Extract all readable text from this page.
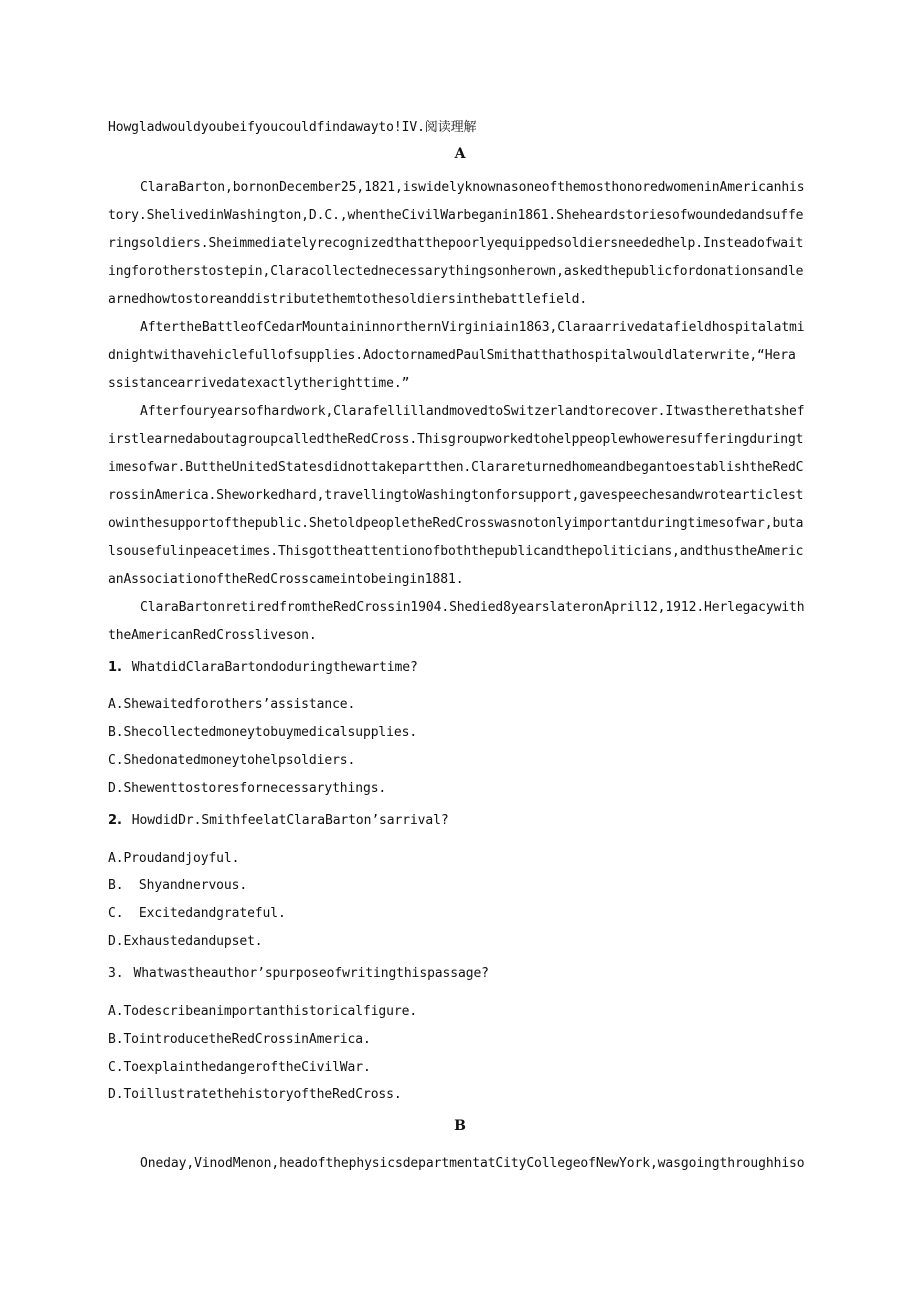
Howgladwouldyoubeifyoucouldfindawayto!IV.阅读理解
A
ClaraBarton,bornonDecember25,1821,iswidelyknownasoneofthemosthonoredwomeninAmericanhis
tory.ShelivedinWashington,D.C.,whentheCivilWarbeganin1861.Sheheardstoriesofwoundedandsuffe
ringsoldiers.Sheimmediatelyrecognizedthatthepoorlyequippedsoldiersneededhelp.Insteadofwait
ingforotherstostepin,Claracollectednecessarythingsonherown,askedthepublicfordonationsandle
arnedhowtostoreanddistributethemtothesoldiersinthebattlefield.
AftertheBattleofCedarMountaininnorthernVirginiain1863,Claraarrivedatafieldhospitalatmi
dnightwithavehiclefullofsupplies.AdoctornamedPaulSmithatthathospitalwouldlaterwrite,“Hera
ssistancearrivedatexactlytherighttime.”
Afterfouryearsofhardwork,ClarafellillandmovedtoSwitzerlandtorecover.Itwastherethatshef
irstlearnedaboutagroupcalledtheRedCross.Thisgroupworkedtohelppeoplewhoweresufferingduringt
imesofwar.ButtheUnitedStatesdidnottakepartthen.ClarareturnedhomeandbegantoestablishtheRedC
rossinAmerica.Sheworkedhard,travellingtoWashingtonforsupport,gavespeechesandwrotearticlest
owinthesupportofthepublic.ShetoldpeopletheRedCrosswasnotonlyimportantduringtimesofwar,buta
lsousefulinpeacetimes.Thisgottheattentionofboththepublicandthepoliticians,andthustheAmeric
anAssociationoftheRedCrosscameintobeingin1881.
ClaraBartonretiredfromtheRedCrossin1904.Shedied8yearslateronApril12,1912.Herlegacywith
theAmericanRedCrossliveson.
1. WhatdidClaraBartondoduringthewartime?
A.Shewaitedforothers’assistance.
B.Shecollectedmoneytobuymedicalsupplies.
C.Shedonatedmoneytohelpsoldiers.
D.Shewenttostoresfornecessarythings.
2. HowdidDr.SmithfeelatClaraBarton’sarrival?
A.Proudandjoyful.
B.  Shyandnervous.
C.  Excitedandgrateful.
D.Exhaustedandupset.
3. Whatwastheauthor’spurposeofwritingthispassage?
A.Todescribeanimportanthistoricalfigure.
B.TointroducetheRedCrossinAmerica.
C.ToexplainthedangeroftheCivilWar.
D.ToillustratethehistoryoftheRedCross.
B
Oneday,VinodMenon,headofthephysicsdepartmentatCityCollegeofNewYork,wasgoingthroughhiso
